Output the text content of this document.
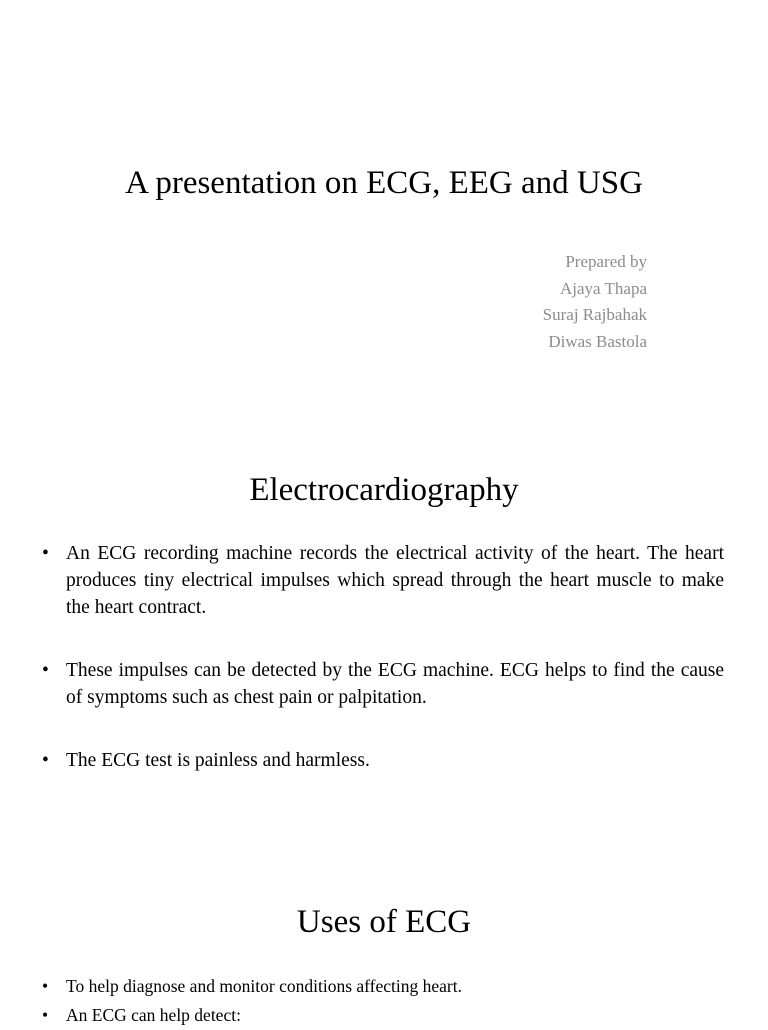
A presentation on ECG, EEG and USG
Prepared by
Ajaya Thapa
Suraj Rajbahak
Diwas Bastola
Electrocardiography
• An ECG recording machine records the electrical activity of the heart. The heart produces tiny electrical impulses which spread through the heart muscle to make the heart contract.
• These impulses can be detected by the ECG machine. ECG helps to find the cause of symptoms such as chest pain or palpitation.
• The ECG test is painless and harmless.
Uses of ECG
• To help diagnose and monitor conditions affecting heart.
• An ECG can help detect:
